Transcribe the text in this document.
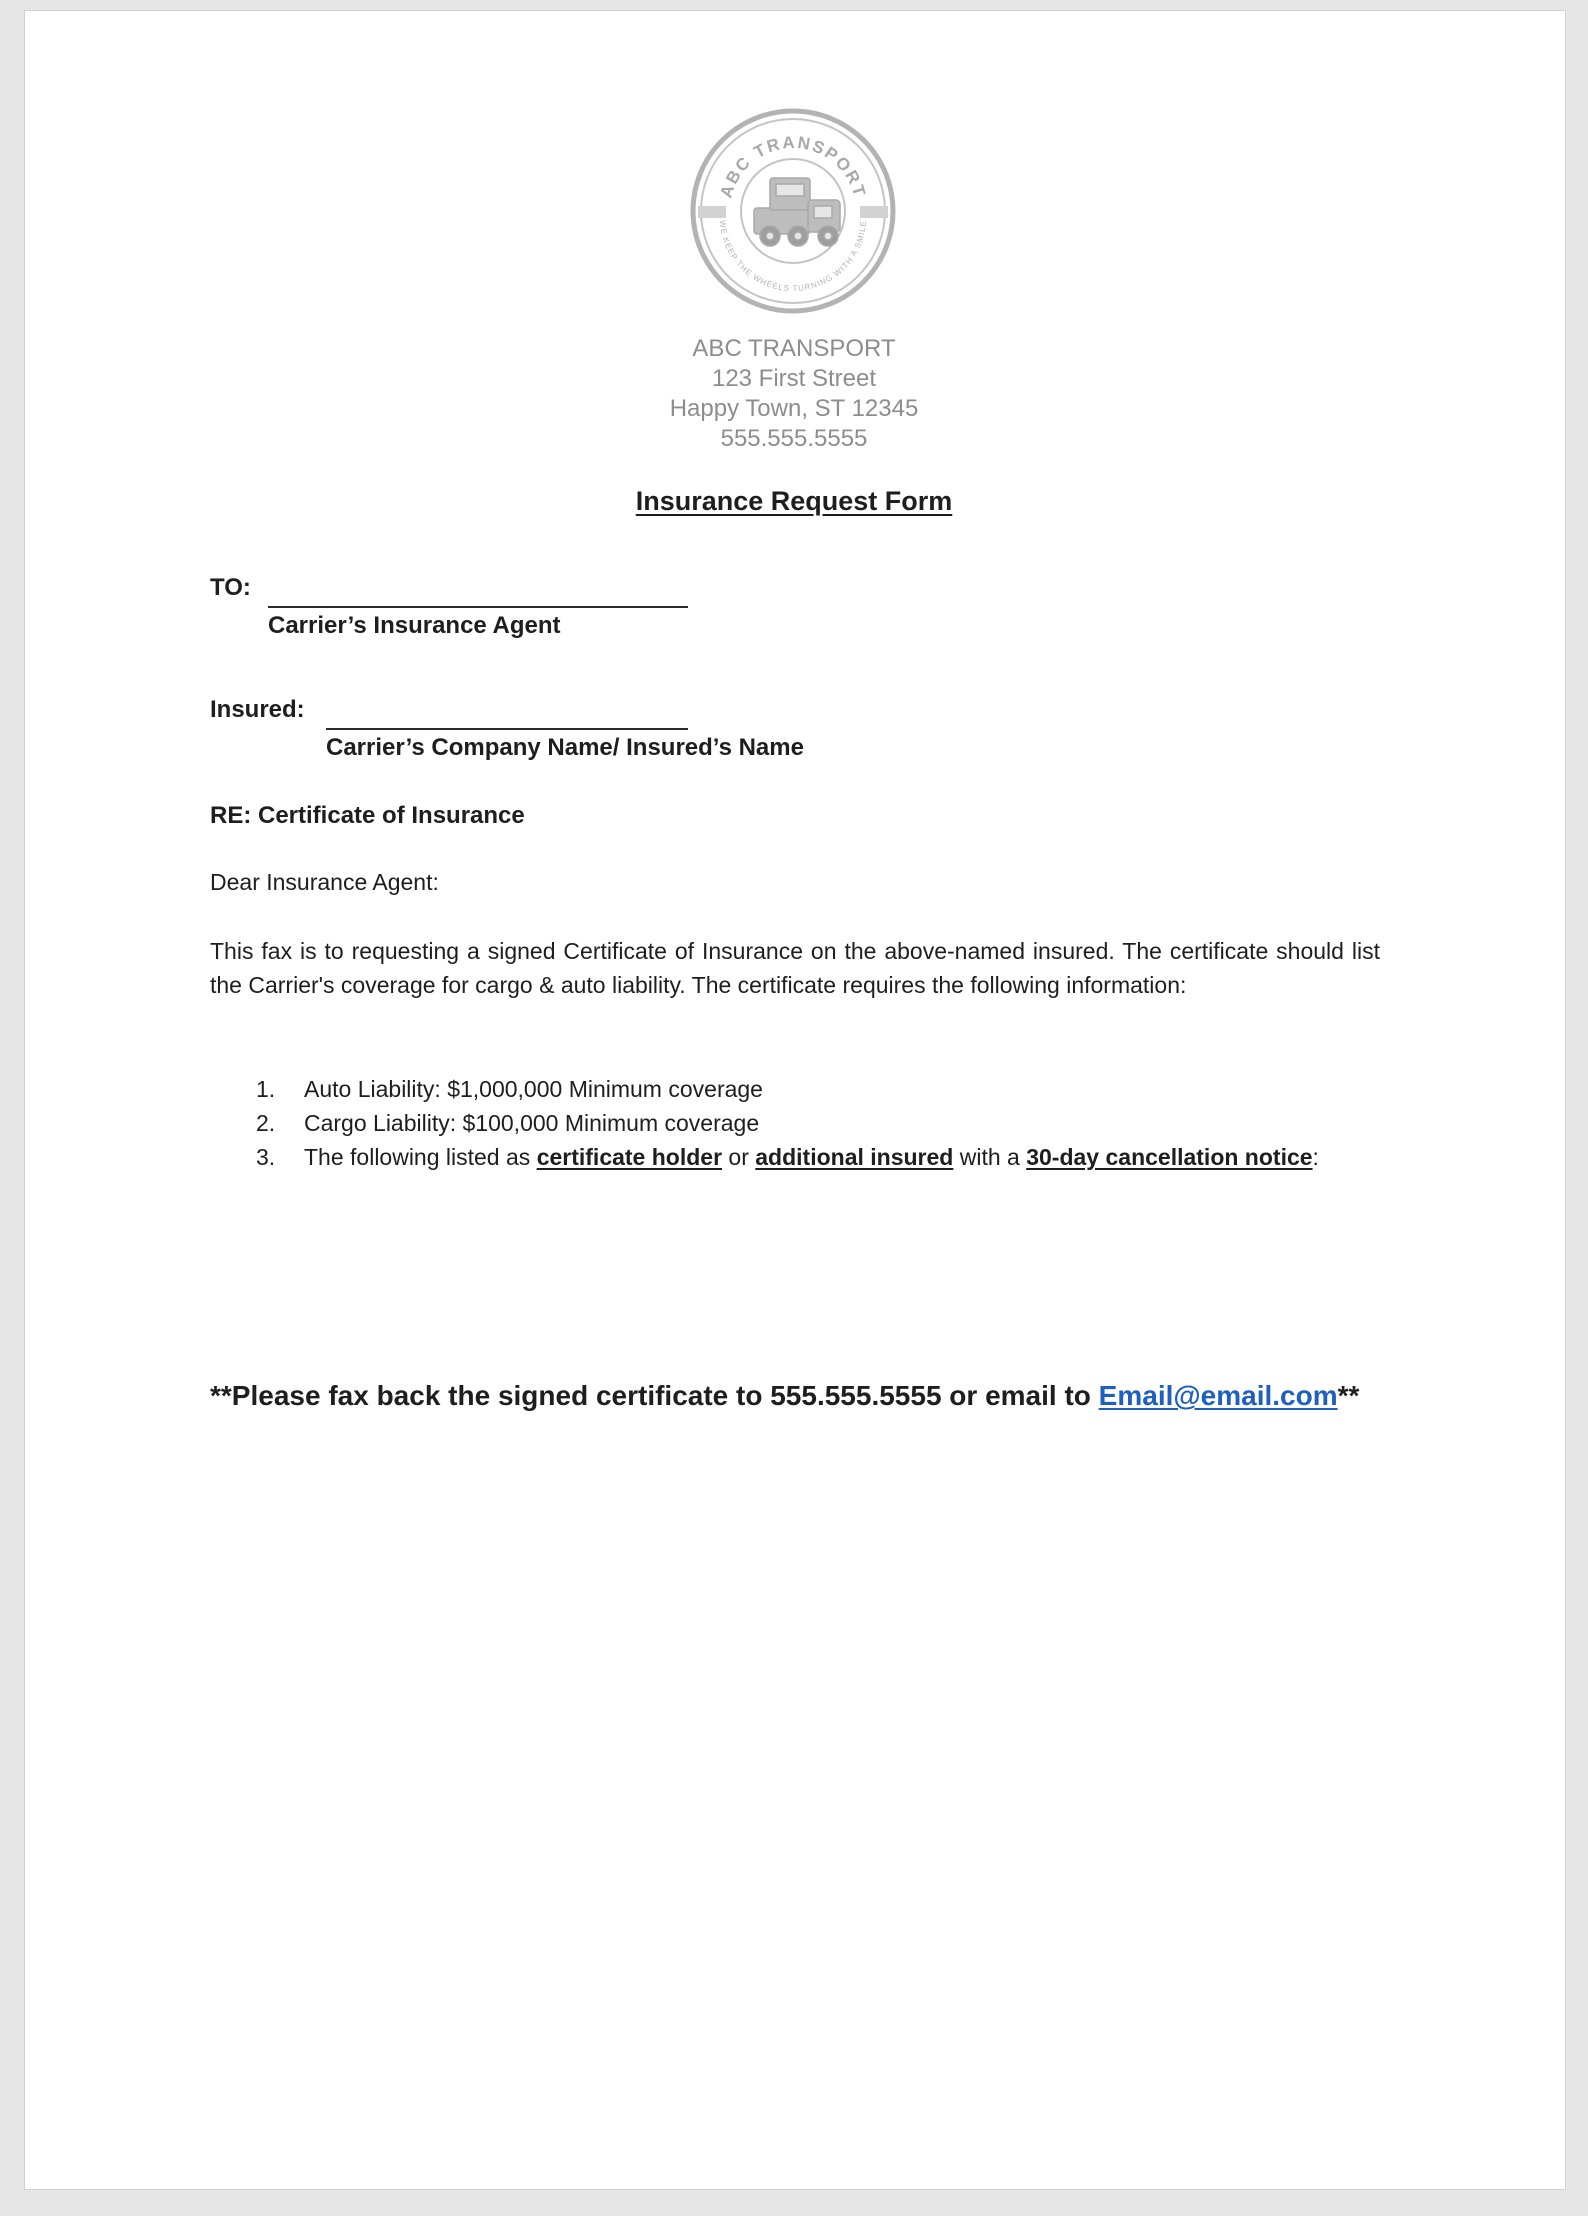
ABC TRANSPORT
WE KEEP THE WHEELS TURNING WITH A SMILE
ABC TRANSPORT
123 First Street
Happy Town, ST 12345
555.555.5555
Insurance Request Form
TO:
Carrier’s Insurance Agent
Insured:
Carrier’s Company Name/ Insured’s Name
RE: Certificate of Insurance
Dear Insurance Agent:
This fax is to requesting a signed Certificate of Insurance on the above-named insured. The certificate should list the Carrier's coverage for cargo & auto liability. The certificate requires the following information:
1. Auto Liability: $1,000,000 Minimum coverage
2. Cargo Liability: $100,000 Minimum coverage
3. The following listed as certificate holder or additional insured with a 30-day cancellation notice:
**Please fax back the signed certificate to 555.555.5555 or email to Email@email.com**
